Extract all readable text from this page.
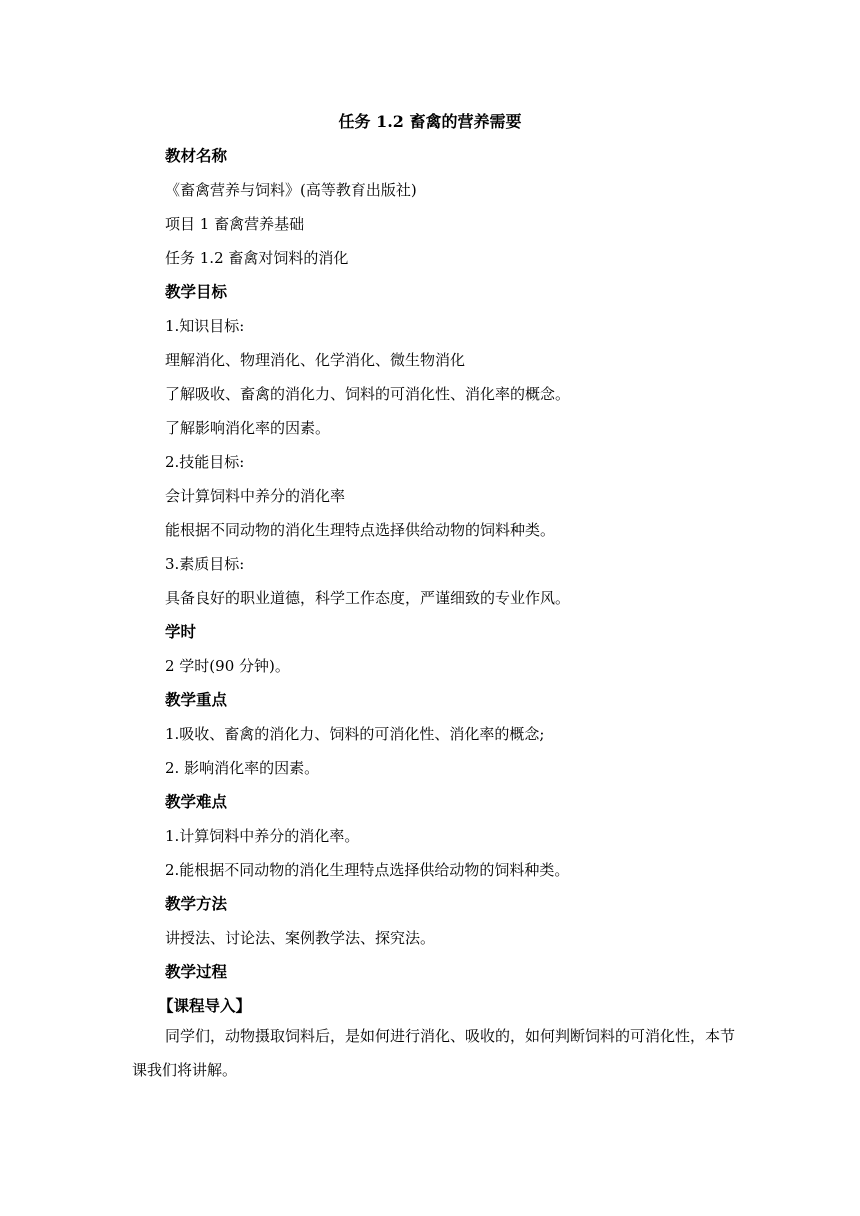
任务 1.2 畜禽的营养需要
教材名称
《畜禽营养与饲料》(高等教育出版社)
项目 1 畜禽营养基础
任务 1.2 畜禽对饲料的消化
教学目标
1.知识目标:
理解消化、物理消化、化学消化、微生物消化
了解吸收、畜禽的消化力、饲料的可消化性、消化率的概念。
了解影响消化率的因素。
2.技能目标:
会计算饲料中养分的消化率
能根据不同动物的消化生理特点选择供给动物的饲料种类。
3.素质目标:
具备良好的职业道德，科学工作态度，严谨细致的专业作风。
学时
2 学时(90 分钟)。
教学重点
1.吸收、畜禽的消化力、饲料的可消化性、消化率的概念;
2. 影响消化率的因素。
教学难点
1.计算饲料中养分的消化率。
2.能根据不同动物的消化生理特点选择供给动物的饲料种类。
教学方法
讲授法、讨论法、案例教学法、探究法。
教学过程
【课程导入】
同学们，动物摄取饲料后，是如何进行消化、吸收的，如何判断饲料的可消化性，本节课我们将讲解。
